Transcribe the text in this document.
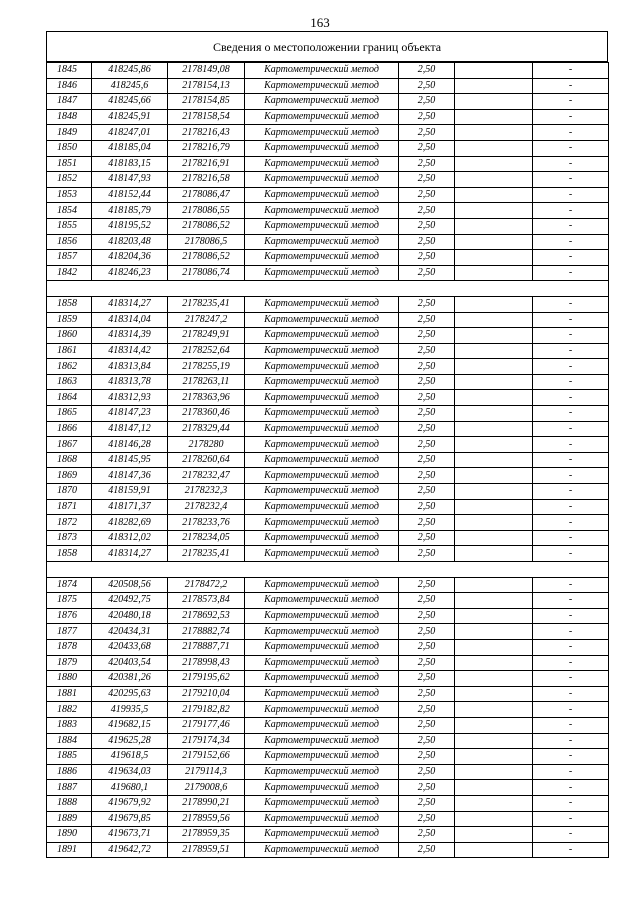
163
Сведения о местоположении границ объекта
1845	418245,86	2178149,08	Картометрический метод	2,50		-
1846	418245,6	2178154,13	Картометрический метод	2,50		-
1847	418245,66	2178154,85	Картометрический метод	2,50		-
1848	418245,91	2178158,54	Картометрический метод	2,50		-
1849	418247,01	2178216,43	Картометрический метод	2,50		-
1850	418185,04	2178216,79	Картометрический метод	2,50		-
1851	418183,15	2178216,91	Картометрический метод	2,50		-
1852	418147,93	2178216,58	Картометрический метод	2,50		-
1853	418152,44	2178086,47	Картометрический метод	2,50		-
1854	418185,79	2178086,55	Картометрический метод	2,50		-
1855	418195,52	2178086,52	Картометрический метод	2,50		-
1856	418203,48	2178086,5	Картометрический метод	2,50		-
1857	418204,36	2178086,52	Картометрический метод	2,50		-
1842	418246,23	2178086,74	Картометрический метод	2,50		-

1858	418314,27	2178235,41	Картометрический метод	2,50		-
1859	418314,04	2178247,2	Картометрический метод	2,50		-
1860	418314,39	2178249,91	Картометрический метод	2,50		-
1861	418314,42	2178252,64	Картометрический метод	2,50		-
1862	418313,84	2178255,19	Картометрический метод	2,50		-
1863	418313,78	2178263,11	Картометрический метод	2,50		-
1864	418312,93	2178363,96	Картометрический метод	2,50		-
1865	418147,23	2178360,46	Картометрический метод	2,50		-
1866	418147,12	2178329,44	Картометрический метод	2,50		-
1867	418146,28	2178280	Картометрический метод	2,50		-
1868	418145,95	2178260,64	Картометрический метод	2,50		-
1869	418147,36	2178232,47	Картометрический метод	2,50		-
1870	418159,91	2178232,3	Картометрический метод	2,50		-
1871	418171,37	2178232,4	Картометрический метод	2,50		-
1872	418282,69	2178233,76	Картометрический метод	2,50		-
1873	418312,02	2178234,05	Картометрический метод	2,50		-
1858	418314,27	2178235,41	Картометрический метод	2,50		-

1874	420508,56	2178472,2	Картометрический метод	2,50		-
1875	420492,75	2178573,84	Картометрический метод	2,50		-
1876	420480,18	2178692,53	Картометрический метод	2,50		-
1877	420434,31	2178882,74	Картометрический метод	2,50		-
1878	420433,68	2178887,71	Картометрический метод	2,50		-
1879	420403,54	2178998,43	Картометрический метод	2,50		-
1880	420381,26	2179195,62	Картометрический метод	2,50		-
1881	420295,63	2179210,04	Картометрический метод	2,50		-
1882	419935,5	2179182,82	Картометрический метод	2,50		-
1883	419682,15	2179177,46	Картометрический метод	2,50		-
1884	419625,28	2179174,34	Картометрический метод	2,50		-
1885	419618,5	2179152,66	Картометрический метод	2,50		-
1886	419634,03	2179114,3	Картометрический метод	2,50		-
1887	419680,1	2179008,6	Картометрический метод	2,50		-
1888	419679,92	2178990,21	Картометрический метод	2,50		-
1889	419679,85	2178959,56	Картометрический метод	2,50		-
1890	419673,71	2178959,35	Картометрический метод	2,50		-
1891	419642,72	2178959,51	Картометрический метод	2,50		-
